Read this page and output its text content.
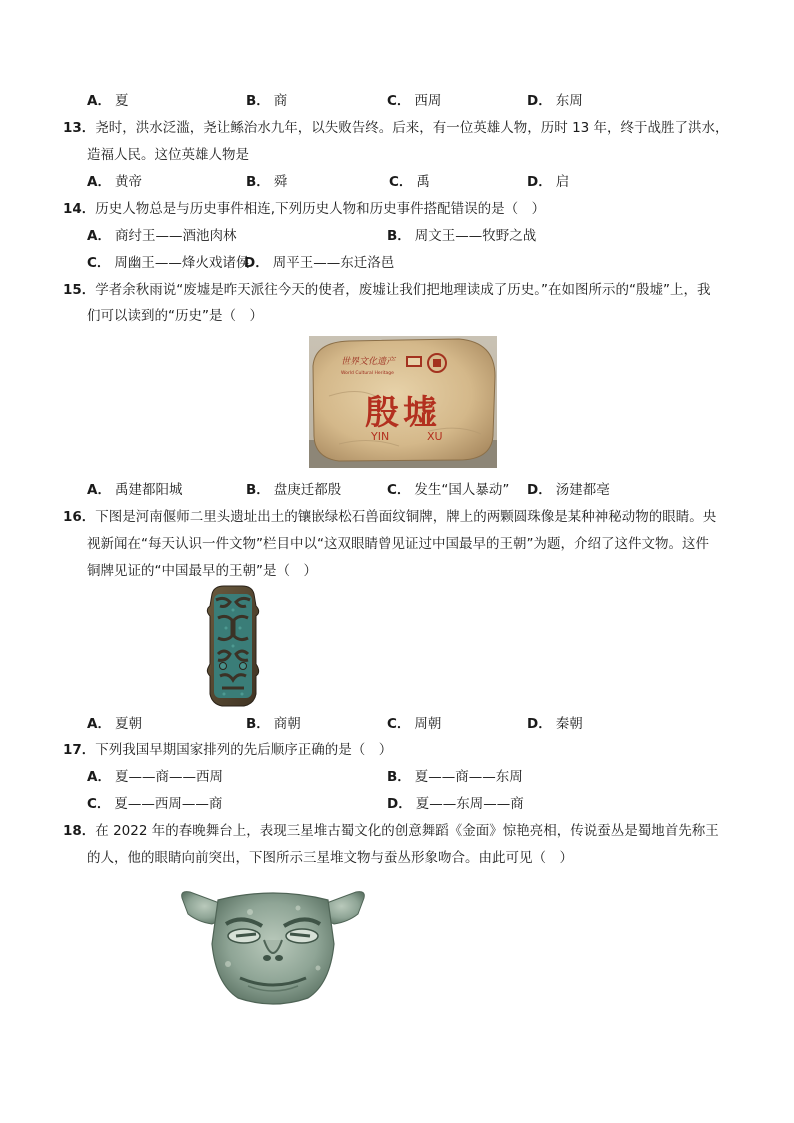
A． 夏	B． 商	C． 西周	D． 东周
13．尧时，洪水泛滥，尧让鲧治水九年，以失败告终。后来，有一位英雄人物，历时 13 年，终于战胜了洪水，
造福人民。这位英雄人物是
A． 黄帝	B． 舜	C． 禹	D． 启
14．历史人物总是与历史事件相连,下列历史人物和历史事件搭配错误的是（　）
A． 商纣王——酒池肉林	B． 周文王——牧野之战
C． 周幽王——烽火戏诸侯
D． 周平王——东迁洛邑
15．学者余秋雨说“废墟是昨天派往今天的使者，废墟让我们把地理读成了历史。”在如图所示的“殷墟”上，我
们可以读到的“历史”是（　）
世界文化遗产
World Cultural Heritage
殷墟
YIN	XU
A． 禹建都阳城	B． 盘庚迁都殷	C． 发生“国人暴动” D． 汤建都亳
16．下图是河南偃师二里头遗址出土的镶嵌绿松石兽面纹铜牌，牌上的两颗圆珠像是某种神秘动物的眼睛。央
视新闻在“每天认识一件文物”栏目中以“这双眼睛曾见证过中国最早的王朝”为题，介绍了这件文物。这件
铜牌见证的“中国最早的王朝”是（　）
A． 夏朝	B． 商朝	C． 周朝	D． 秦朝
17．下列我国早期国家排列的先后顺序正确的是（　）
A． 夏——商——西周	B． 夏——商——东周
C． 夏——西周——商	D． 夏——东周——商
18．在 2022 年的春晚舞台上，表现三星堆古蜀文化的创意舞蹈《金面》惊艳亮相，传说蚕丛是蜀地首先称王
的人，他的眼睛向前突出，下图所示三星堆文物与蚕丛形象吻合。由此可见（　）
